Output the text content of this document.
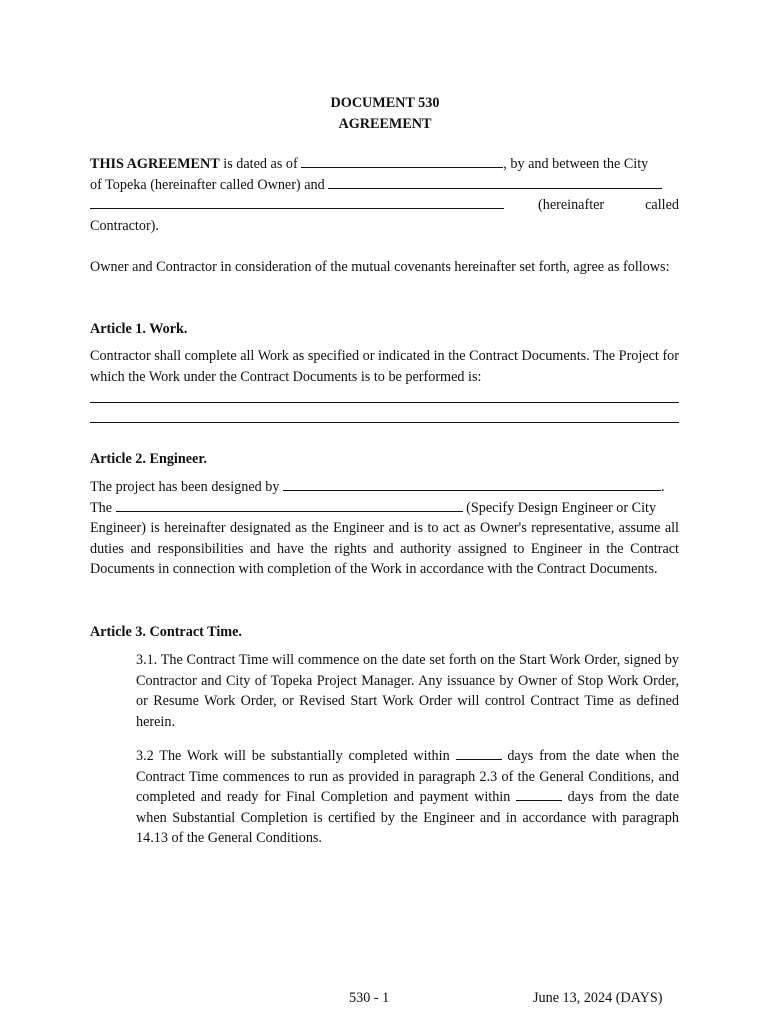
DOCUMENT 530
AGREEMENT
THIS AGREEMENT is dated as of	, by and between the City
of Topeka (hereinafter called Owner) and
(hereinafter	called
Contractor).
Owner and Contractor in consideration of the mutual covenants hereinafter set forth, agree as follows:
Article 1. Work.
Contractor shall complete all Work as specified or indicated in the Contract Documents. The Project for which the Work under the Contract Documents is to be performed is:
Article 2. Engineer.
The project has been designed by	.
The	(Specify Design Engineer or City
Engineer) is hereinafter designated as the Engineer and is to act as Owner's representative, assume all duties and responsibilities and have the rights and authority assigned to Engineer in the Contract Documents in connection with completion of the Work in accordance with the Contract Documents.
Article 3. Contract Time.
3.1. The Contract Time will commence on the date set forth on the Start Work Order, signed by Contractor and City of Topeka Project Manager. Any issuance by Owner of Stop Work Order, or Resume Work Order, or Revised Start Work Order will control Contract Time as defined herein.
3.2 The Work will be substantially completed within	days from the date when the Contract Time commences to run as provided in paragraph 2.3 of the General Conditions, and completed and ready for Final Completion and payment within	days from the date when Substantial Completion is certified by the Engineer and in accordance with paragraph 14.13 of the General Conditions.
530 - 1	June 13, 2024 (DAYS)
